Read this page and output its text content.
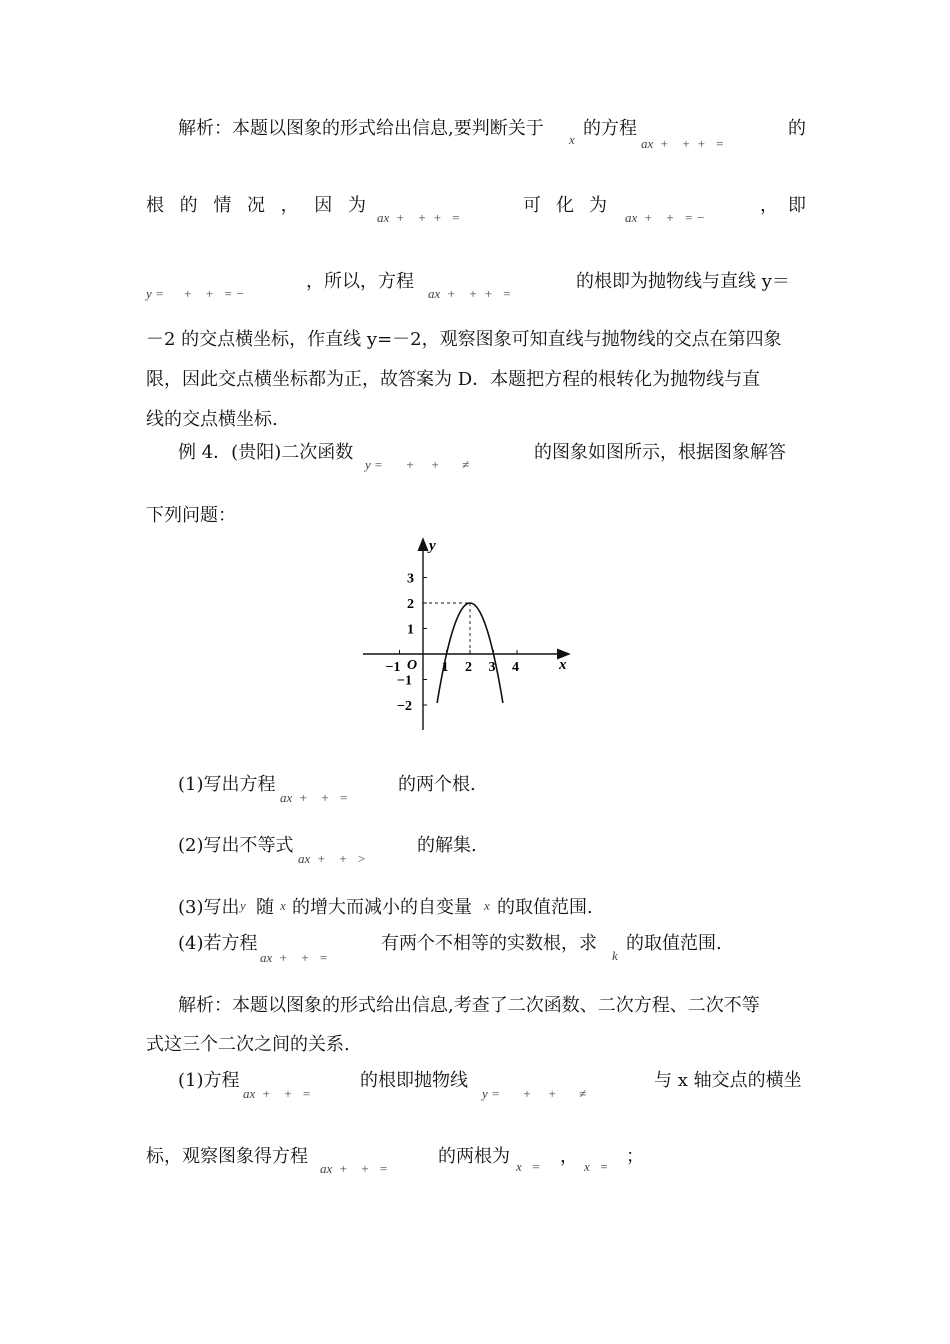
解析：本题以图象的形式给出信息,要判断关于
x
的方程
ax  +    +  +   =
的
根 的 情 况 ， 因 为
ax  +    +  +   =
可 化 为
ax  +    +   = −
， 即
y =      +    +   = −
，所以，方程
ax  +    +  +   =
的根即为抛物线与直线 y＝
－2 的交点横坐标，作直线 y=－2，观察图象可知直线与抛物线的交点在第四象
限，因此交点横坐标都为正，故答案为 D．本题把方程的根转化为抛物线与直
线的交点横坐标.
例 4．(贵阳)二次函数
y =       +     +       ≠
的图象如图所示，根据图象解答
下列问题：
−1	1 2 3 4
3
2
1
−1
−2
y
x
O
(1)写出方程
ax  +    +   =
的两个根.
(2)写出不等式
ax  +    +   >
的解集.
(3)写出 y 随 x 的增大而减小的自变量 x 的取值范围.
(4)若方程
ax  +    +   =
有两个不相等的实数根，求
k
的取值范围.
解析：本题以图象的形式给出信息,考查了二次函数、二次方程、二次不等
式这三个二次之间的关系.
(1)方程
ax  +    +   =
的根即抛物线
y =       +     +       ≠
与 x 轴交点的横坐
标，观察图象得方程
ax  +    +   =
的两根为 x   = ， x   = ；
